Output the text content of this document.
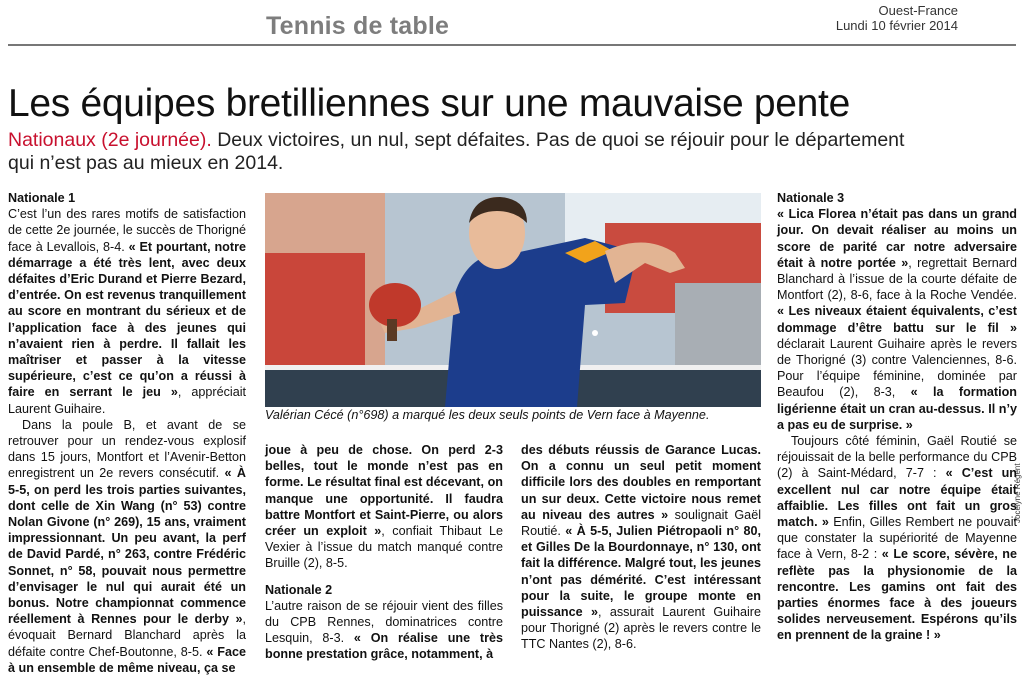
Tennis de table
Ouest-France
Lundi 10 février 2014
Les équipes bretilliennes sur une mauvaise pente
Nationaux (2e journée). Deux victoires, un nul, sept défaites. Pas de quoi se réjouir pour le département qui n’est pas au mieux en 2014.
Nationale 1

C’est l’un des rares motifs de satisfaction de cette 2e journée, le succès de Thorigné face à Levallois, 8-4. « Et pourtant, notre démarrage a été très lent, avec deux défaites d’Eric Durand et Pierre Bezard, d’entrée. On est revenus tranquillement au score en montrant du sérieux et de l’application face à des jeunes qui n’avaient rien à perdre. Il fallait les maîtriser et passer à la vitesse supérieure, c’est ce qu’on a réussi à faire en serrant le jeu », appréciait Laurent Guihaire.

Dans la poule B, et avant de se retrouver pour un rendez-vous explosif dans 15 jours, Montfort et l’Avenir-Betton enregistrent un 2e revers consécutif. « À 5-5, on perd les trois parties suivantes, dont celle de Xin Wang (n° 53) contre Nolan Givone (n° 269), 15 ans, vraiment impressionnant. Un peu avant, la perf de David Pardé, n° 263, contre Frédéric Sonnet, n° 58, pouvait nous permettre d’envisager le nul qui aurait été un bonus. Notre championnat commence réellement à Rennes pour le derby », évoquait Bernard Blanchard après la défaite contre Chef-Boutonne, 8-5. « Face à un ensemble de même niveau, ça se

Jocelyne Régent
Valérian Cécé (n°698) a marqué les deux seuls points de Vern face à Mayenne.

joue à peu de chose. On perd 2-3 belles, tout le monde n’est pas en forme. Le résultat final est décevant, on manque une opportunité. Il faudra battre Montfort et Saint-Pierre, ou alors créer un exploit », confiait Thibaut Le Vexier à l’issue du match manqué contre Bruille (2), 8-5.

Nationale 2

L’autre raison de se réjouir vient des filles du CPB Rennes, dominatrices contre Lesquin, 8-3. « On réalise une très bonne prestation grâce, notamment, à

des débuts réussis de Garance Lucas. On a connu un seul petit moment difficile lors des doubles en remportant un sur deux. Cette victoire nous remet au niveau des autres » soulignait Gaël Routié. « À 5-5, Julien Piétropaoli n° 80, et Gilles De la Bourdonnaye, n° 130, ont fait la différence. Malgré tout, les jeunes n’ont pas démérité. C’est intéressant pour la suite, le groupe monte en puissance », assurait Laurent Guihaire pour Thorigné (2) après le revers contre le TTC Nantes (2), 8-6.

Nationale 3

« Lica Florea n’était pas dans un grand jour. On devait réaliser au moins un score de parité car notre adversaire était à notre portée », regrettait Bernard Blanchard à l’issue de la courte défaite de Montfort (2), 8-6, face à la Roche Vendée. « Les niveaux étaient équivalents, c’est dommage d’être battu sur le fil » déclarait Laurent Guihaire après le revers de Thorigné (3) contre Valenciennes, 8-6. Pour l’équipe féminine, dominée par Beaufou (2), 8-3, « la formation ligérienne était un cran au-dessus. Il n’y a pas eu de surprise. »

Toujours côté féminin, Gaël Routié se réjouissait de la belle performance du CPB (2) à Saint-Médard, 7-7 : « C’est un excellent nul car notre équipe était affaiblie. Les filles ont fait un gros match. » Enfin, Gilles Rembert ne pouvait que constater la supériorité de Mayenne face à Vern, 8-2 : « Le score, sévère, ne reflète pas la physionomie de la rencontre. Les gamins ont fait des parties énormes face à des joueurs solides nerveusement. Espérons qu’ils en prennent de la graine ! »
